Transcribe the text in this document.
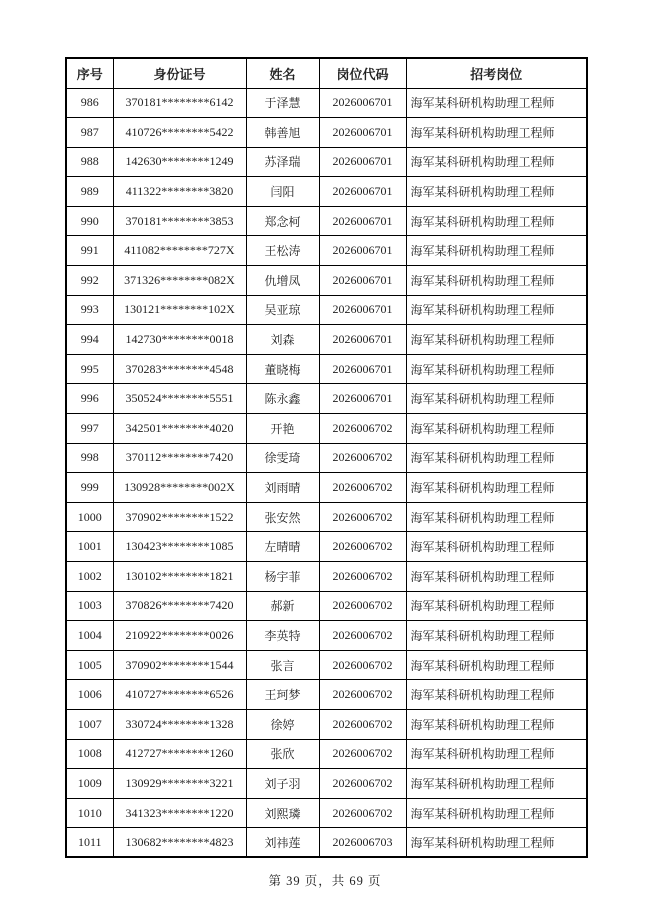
序号	身份证号	姓名	岗位代码	招考岗位
986	370181********6142	于泽慧	2026006701	海军某科研机构助理工程师
987	410726********5422	韩善旭	2026006701	海军某科研机构助理工程师
988	142630********1249	苏泽瑞	2026006701	海军某科研机构助理工程师
989	411322********3820	闫阳	2026006701	海军某科研机构助理工程师
990	370181********3853	郑念柯	2026006701	海军某科研机构助理工程师
991	411082********727X	王松涛	2026006701	海军某科研机构助理工程师
992	371326********082X	仇增凤	2026006701	海军某科研机构助理工程师
993	130121********102X	吴亚琼	2026006701	海军某科研机构助理工程师
994	142730********0018	刘森	2026006701	海军某科研机构助理工程师
995	370283********4548	董晓梅	2026006701	海军某科研机构助理工程师
996	350524********5551	陈永鑫	2026006701	海军某科研机构助理工程师
997	342501********4020	开艳	2026006702	海军某科研机构助理工程师
998	370112********7420	徐雯琦	2026006702	海军某科研机构助理工程师
999	130928********002X	刘雨晴	2026006702	海军某科研机构助理工程师
1000	370902********1522	张安然	2026006702	海军某科研机构助理工程师
1001	130423********1085	左晴晴	2026006702	海军某科研机构助理工程师
1002	130102********1821	杨宇菲	2026006702	海军某科研机构助理工程师
1003	370826********7420	郝新	2026006702	海军某科研机构助理工程师
1004	210922********0026	李英特	2026006702	海军某科研机构助理工程师
1005	370902********1544	张言	2026006702	海军某科研机构助理工程师
1006	410727********6526	王珂梦	2026006702	海军某科研机构助理工程师
1007	330724********1328	徐婷	2026006702	海军某科研机构助理工程师
1008	412727********1260	张欣	2026006702	海军某科研机构助理工程师
1009	130929********3221	刘子羽	2026006702	海军某科研机构助理工程师
1010	341323********1220	刘熙璘	2026006702	海军某科研机构助理工程师
1011	130682********4823	刘祎莲	2026006703	海军某科研机构助理工程师
第 39 页，共 69 页
